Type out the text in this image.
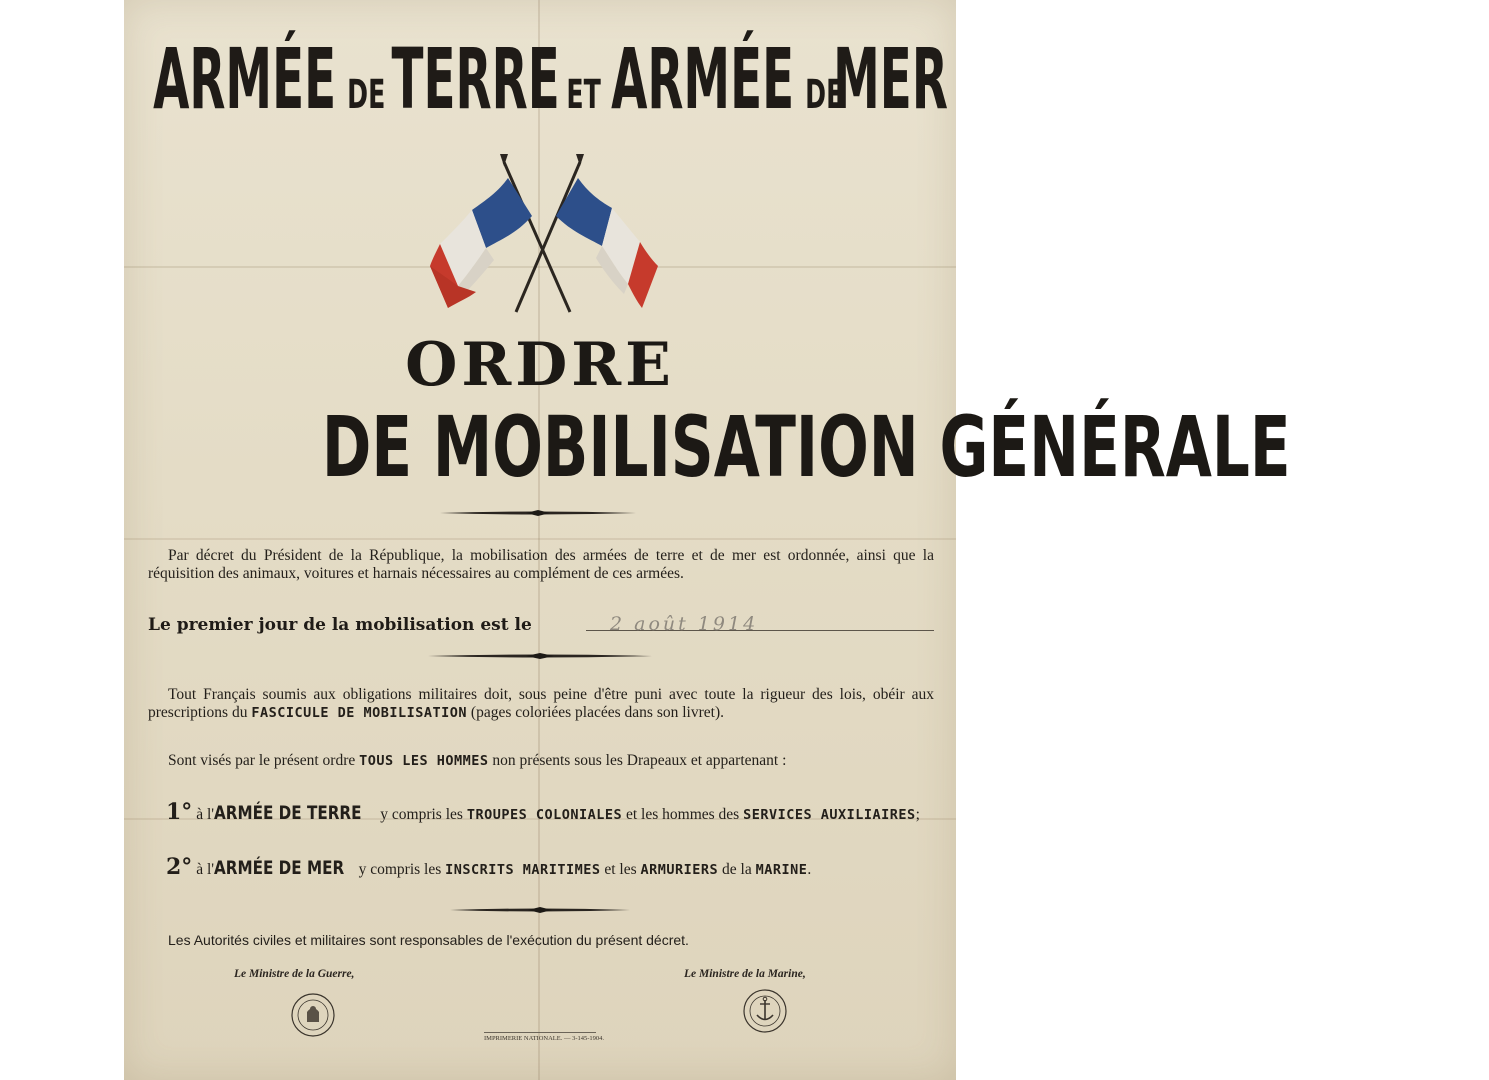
ARMÉE DE TERRE ET ARMÉE DE MER
ORDRE
DE MOBILISATION GÉNÉRALE
Par décret du Président de la République, la mobilisation des armées de terre et de mer est ordonnée, ainsi que la réquisition des animaux, voitures et harnais nécessaires au complément de ces armées.
Le premier jour de la mobilisation est le	2 août 1914
Tout Français soumis aux obligations militaires doit, sous peine d'être puni avec toute la rigueur des lois, obéir aux prescriptions du FASCICULE DE MOBILISATION (pages coloriées placées dans son livret).
Sont visés par le présent ordre TOUS LES HOMMES non présents sous les Drapeaux et appartenant :
1° à l'ARMÉE DE TERRE y compris les TROUPES COLONIALES et les hommes des SERVICES AUXILIAIRES;
2° à l'ARMÉE DE MER y compris les INSCRITS MARITIMES et les ARMURIERS de la MARINE.
Les Autorités civiles et militaires sont responsables de l'exécution du présent décret.
Le Ministre de la Guerre,	Le Ministre de la Marine,
IMPRIMERIE NATIONALE. — 3-145-1904.
